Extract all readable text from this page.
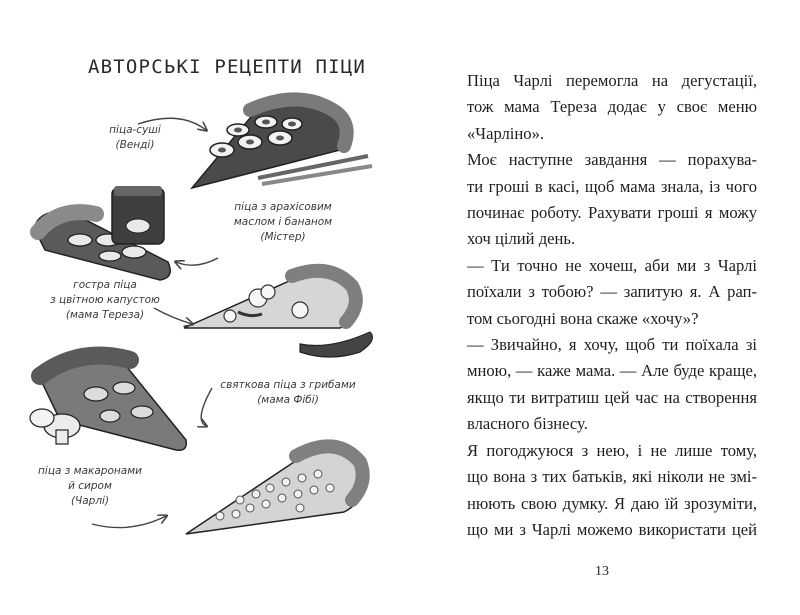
АВТОРСЬКІ РЕЦЕПТИ ПІЦИ

піца-суші
(Венді)

піца з арахісовим
маслом і бананом
(Містер)

гостра піца
з цвітною капустою
(мама Тереза)

святкова піца з грибами
(мама Фібі)

піца з макаронами
й сиром
(Чарлі)

Піца Чарлі перемогла на дегустації,
тож мама Тереза додає у своє меню
«Чарліно».

Моє наступне завдання — порахува-
ти гроші в касі, щоб мама знала, із чого
починає роботу. Рахувати гроші я можу
хоч цілий день.

— Ти точно не хочеш, аби ми з Чарлі
поїхали з тобою? — запитую я. А рап-
том сьогодні вона скаже «хочу»?

— Звичайно, я хочу, щоб ти поїхала зі
мною, — каже мама. — Але буде краще,
якщо ти витратиш цей час на створення
власного бізнесу.

Я погоджуюся з нею, і не лише тому,
що вона з тих батьків, які ніколи не змі-
нюють свою думку. Я даю їй зрозуміти,
що ми з Чарлі можемо використати цей

13
